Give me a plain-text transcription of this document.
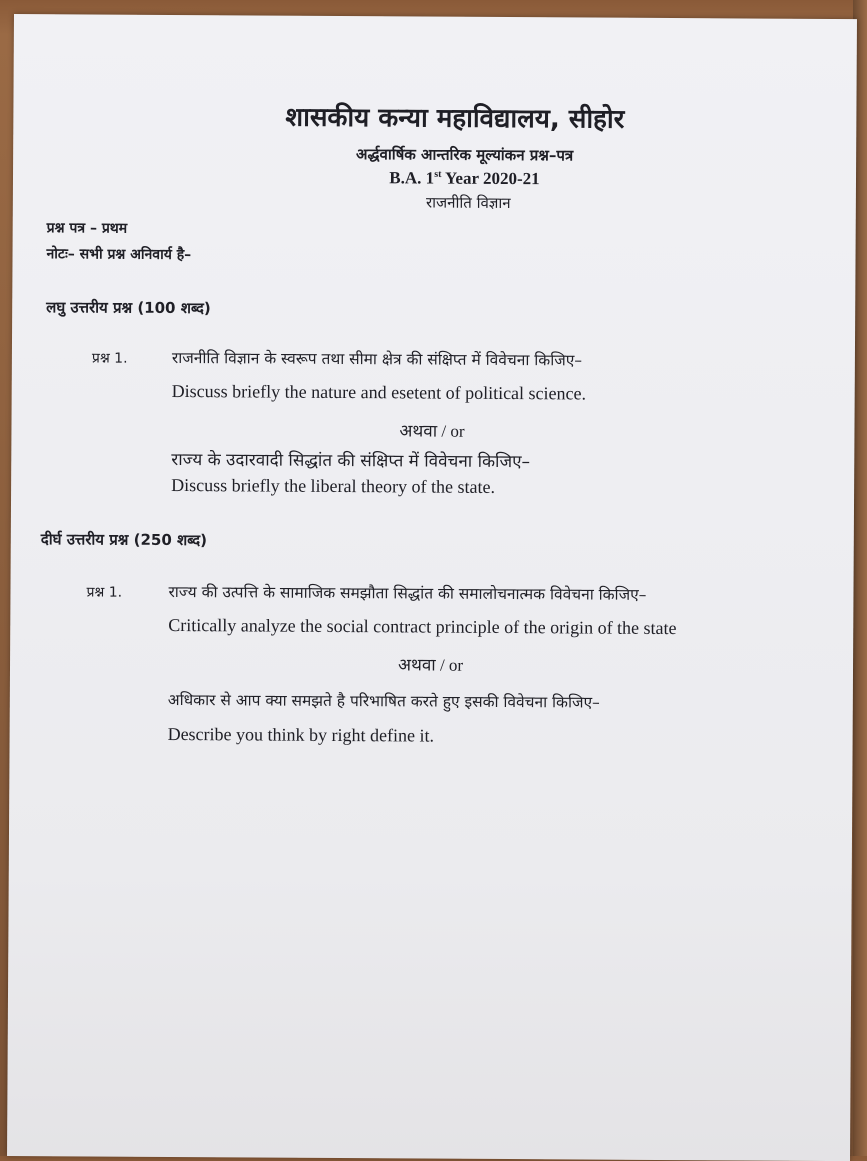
शासकीय कन्या महाविद्यालय, सीहोर
अर्द्धवार्षिक आन्तरिक मूल्यांकन प्रश्न–पत्र
B.A. 1st Year 2020-21
राजनीति विज्ञान
प्रश्न पत्र – प्रथम
नोटः– सभी प्रश्न अनिवार्य है–
लघु उत्तरीय प्रश्न (100 शब्द)
प्रश्न 1.	राजनीति विज्ञान के स्वरूप तथा सीमा क्षेत्र की संक्षिप्त में विवेचना किजिए–
Discuss briefly the nature and esetent of political science.
अथवा / or
राज्य के उदारवादी सिद्धांत की संक्षिप्त में विवेचना किजिए–
Discuss briefly the liberal theory of the state.
दीर्घ उत्तरीय प्रश्न (250 शब्द)
प्रश्न 1.	राज्य की उत्पत्ति के सामाजिक समझौता सिद्धांत की समालोचनात्मक विवेचना किजिए–
Critically analyze the social contract principle of the origin of the state
अथवा / or
अधिकार से आप क्या समझते है परिभाषित करते हुए इसकी विवेचना किजिए–
Describe you think by right define it.
